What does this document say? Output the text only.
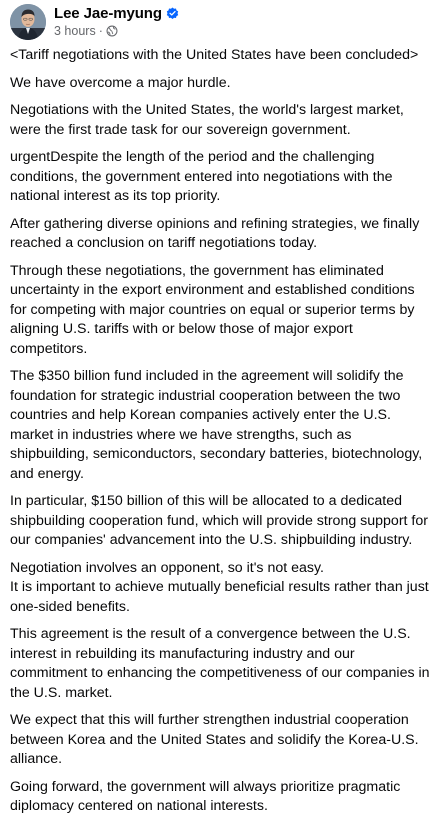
Lee Jae-myung
3 hours ·

<Tariff negotiations with the United States have been concluded>

We have overcome a major hurdle.

Negotiations with the United States, the world's largest market, were the first trade task for our sovereign government.

urgentDespite the length of the period and the challenging conditions, the government entered into negotiations with the national interest as its top priority.

After gathering diverse opinions and refining strategies, we finally reached a conclusion on tariff negotiations today.

Through these negotiations, the government has eliminated uncertainty in the export environment and established conditions for competing with major countries on equal or superior terms by aligning U.S. tariffs with or below those of major export competitors.

The $350 billion fund included in the agreement will solidify the foundation for strategic industrial cooperation between the two countries and help Korean companies actively enter the U.S. market in industries where we have strengths, such as shipbuilding, semiconductors, secondary batteries, biotechnology, and energy.

In particular, $150 billion of this will be allocated to a dedicated shipbuilding cooperation fund, which will provide strong support for our companies' advancement into the U.S. shipbuilding industry.

Negotiation involves an opponent, so it's not easy.
It is important to achieve mutually beneficial results rather than just one-sided benefits.

This agreement is the result of a convergence between the U.S. interest in rebuilding its manufacturing industry and our commitment to enhancing the competitiveness of our companies in the U.S. market.

We expect that this will further strengthen industrial cooperation between Korea and the United States and solidify the Korea-U.S. alliance.

Going forward, the government will always prioritize pragmatic diplomacy centered on national interests.
